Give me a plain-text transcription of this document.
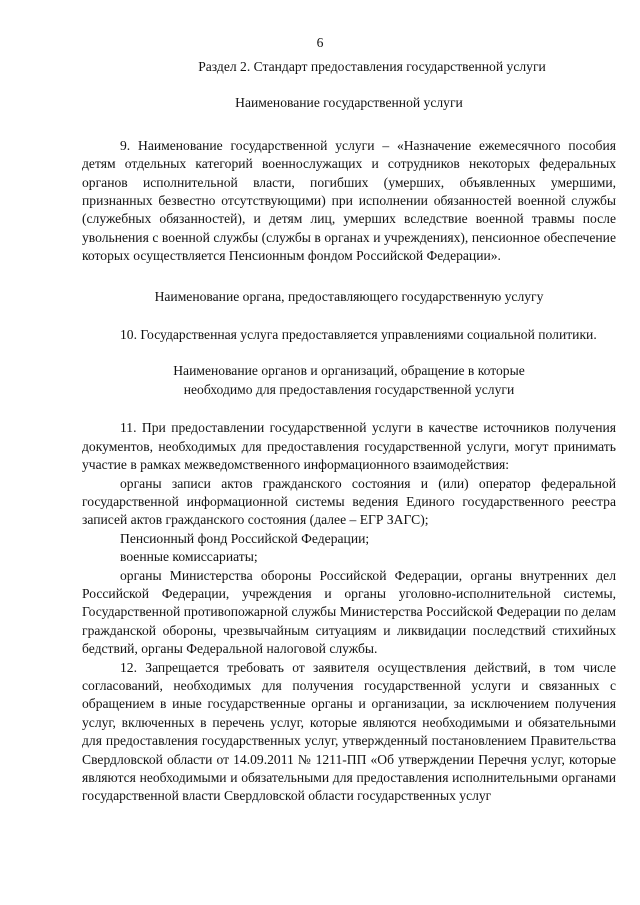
6
Раздел 2. Стандарт предоставления государственной услуги
Наименование государственной услуги

9. Наименование государственной услуги – «Назначение ежемесячного пособия детям отдельных категорий военнослужащих и сотрудников некоторых федеральных органов исполнительной власти, погибших (умерших, объявленных умершими, признанных безвестно отсутствующими) при исполнении обязанностей военной службы (служебных обязанностей), и детям лиц, умерших вследствие военной травмы после увольнения с военной службы (службы в органах и учреждениях), пенсионное обеспечение которых осуществляется Пенсионным фондом Российской Федерации».

Наименование органа, предоставляющего государственную услугу

10. Государственная услуга предоставляется управлениями социальной политики.

Наименование органов и организаций, обращение в которые
необходимо для предоставления государственной услуги

11. При предоставлении государственной услуги в качестве источников получения документов, необходимых для предоставления государственной услуги, могут принимать участие в рамках межведомственного информационного взаимодействия:

органы записи актов гражданского состояния и (или) оператор федеральной государственной информационной системы ведения Единого государственного реестра записей актов гражданского состояния (далее – ЕГР ЗАГС);

Пенсионный фонд Российской Федерации;

военные комиссариаты;

органы Министерства обороны Российской Федерации, органы внутренних дел Российской Федерации, учреждения и органы уголовно-исполнительной системы, Государственной противопожарной службы Министерства Российской Федерации по делам гражданской обороны, чрезвычайным ситуациям и ликвидации последствий стихийных бедствий, органы Федеральной налоговой службы.

12. Запрещается требовать от заявителя осуществления действий, в том числе согласований, необходимых для получения государственной услуги и связанных с обращением в иные государственные органы и организации, за исключением получения услуг, включенных в перечень услуг, которые являются необходимыми и обязательными для предоставления государственных услуг, утвержденный постановлением Правительства Свердловской области от 14.09.2011 № 1211-ПП «Об утверждении Перечня услуг, которые являются необходимыми и обязательными для предоставления исполнительными органами государственной власти Свердловской области государственных услуг
